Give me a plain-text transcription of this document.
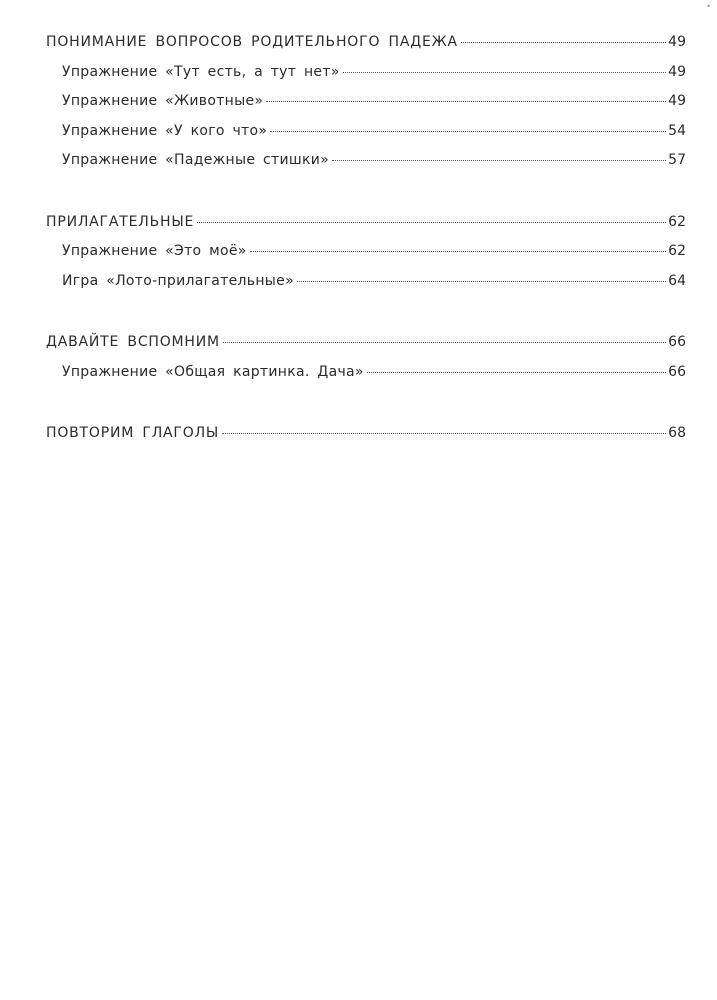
•
ПОНИМАНИЕ ВОПРОСОВ РОДИТЕЛЬНОГО ПАДЕЖА	49
Упражнение «Тут есть, а тут нет»	49
Упражнение «Животные»	49
Упражнение «У кого что»	54
Упражнение «Падежные стишки»	57
ПРИЛАГАТЕЛЬНЫЕ	62
Упражнение «Это моё»	62
Игра «Лото-прилагательные»	64
ДАВАЙТЕ ВСПОМНИМ	66
Упражнение «Общая картинка. Дача»	66
ПОВТОРИМ ГЛАГОЛЫ	68
